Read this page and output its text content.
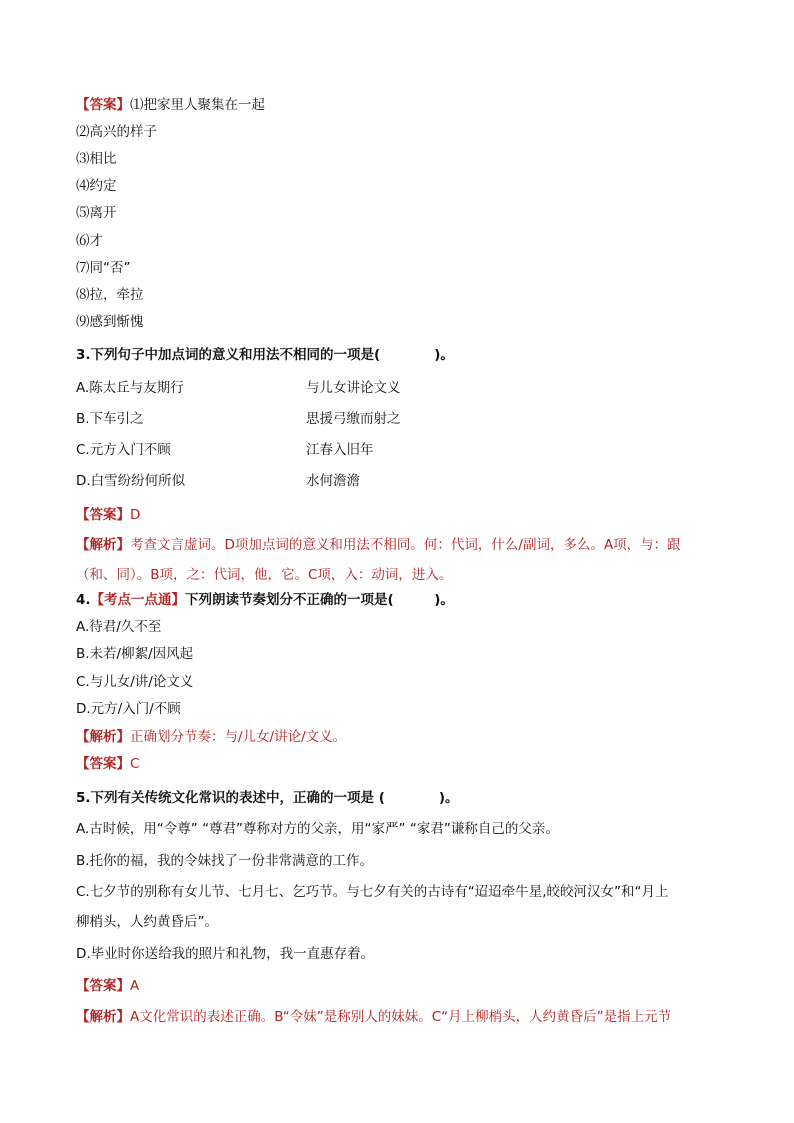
【答案】⑴把家里人聚集在一起
⑵高兴的样子
⑶相比
⑷约定
⑸离开
⑹才
⑺同“否”
⑻拉，牵拉
⑼感到惭愧
3.下列句子中加点词的意义和用法不相同的一项是(　　　　)。
A.陈太丘与友期行	与儿女讲论文义
B.下车引之	思援弓缴而射之
C.元方入门不顾	江春入旧年
D.白雪纷纷何所似	水何澹澹
【答案】D
【解析】考查文言虚词。D项加点词的意义和用法不相同。何：代词，什么/副词，多么。A项，与：跟
（和、同）。B项，之：代词，他，它。C项，入：动词，进入。
4.【考点一点通】下列朗读节奏划分不正确的一项是(　　　)。
A.待君/久不至
B.未若/柳絮/因风起
C.与儿女/讲/论文义
D.元方/入门/不顾
【解析】正确划分节奏：与/儿女/讲论/文义。
【答案】C
5.下列有关传统文化常识的表述中，正确的一项是 (　　　　)。
A.古时候，用“令尊” “尊君”尊称对方的父亲，用“家严” “家君”谦称自己的父亲。
B.托你的福，我的令妹找了一份非常满意的工作。
C.七夕节的别称有女儿节、七月七、乞巧节。与七夕有关的古诗有“迢迢牵牛星,皎皎河汉女”和“月上
柳梢头，人约黄昏后”。
D.毕业时你送给我的照片和礼物，我一直惠存着。
【答案】A
【解析】A文化常识的表述正确。B“令妹”是称别人的妹妹。C“月上柳梢头，人约黄昏后”是指上元节
